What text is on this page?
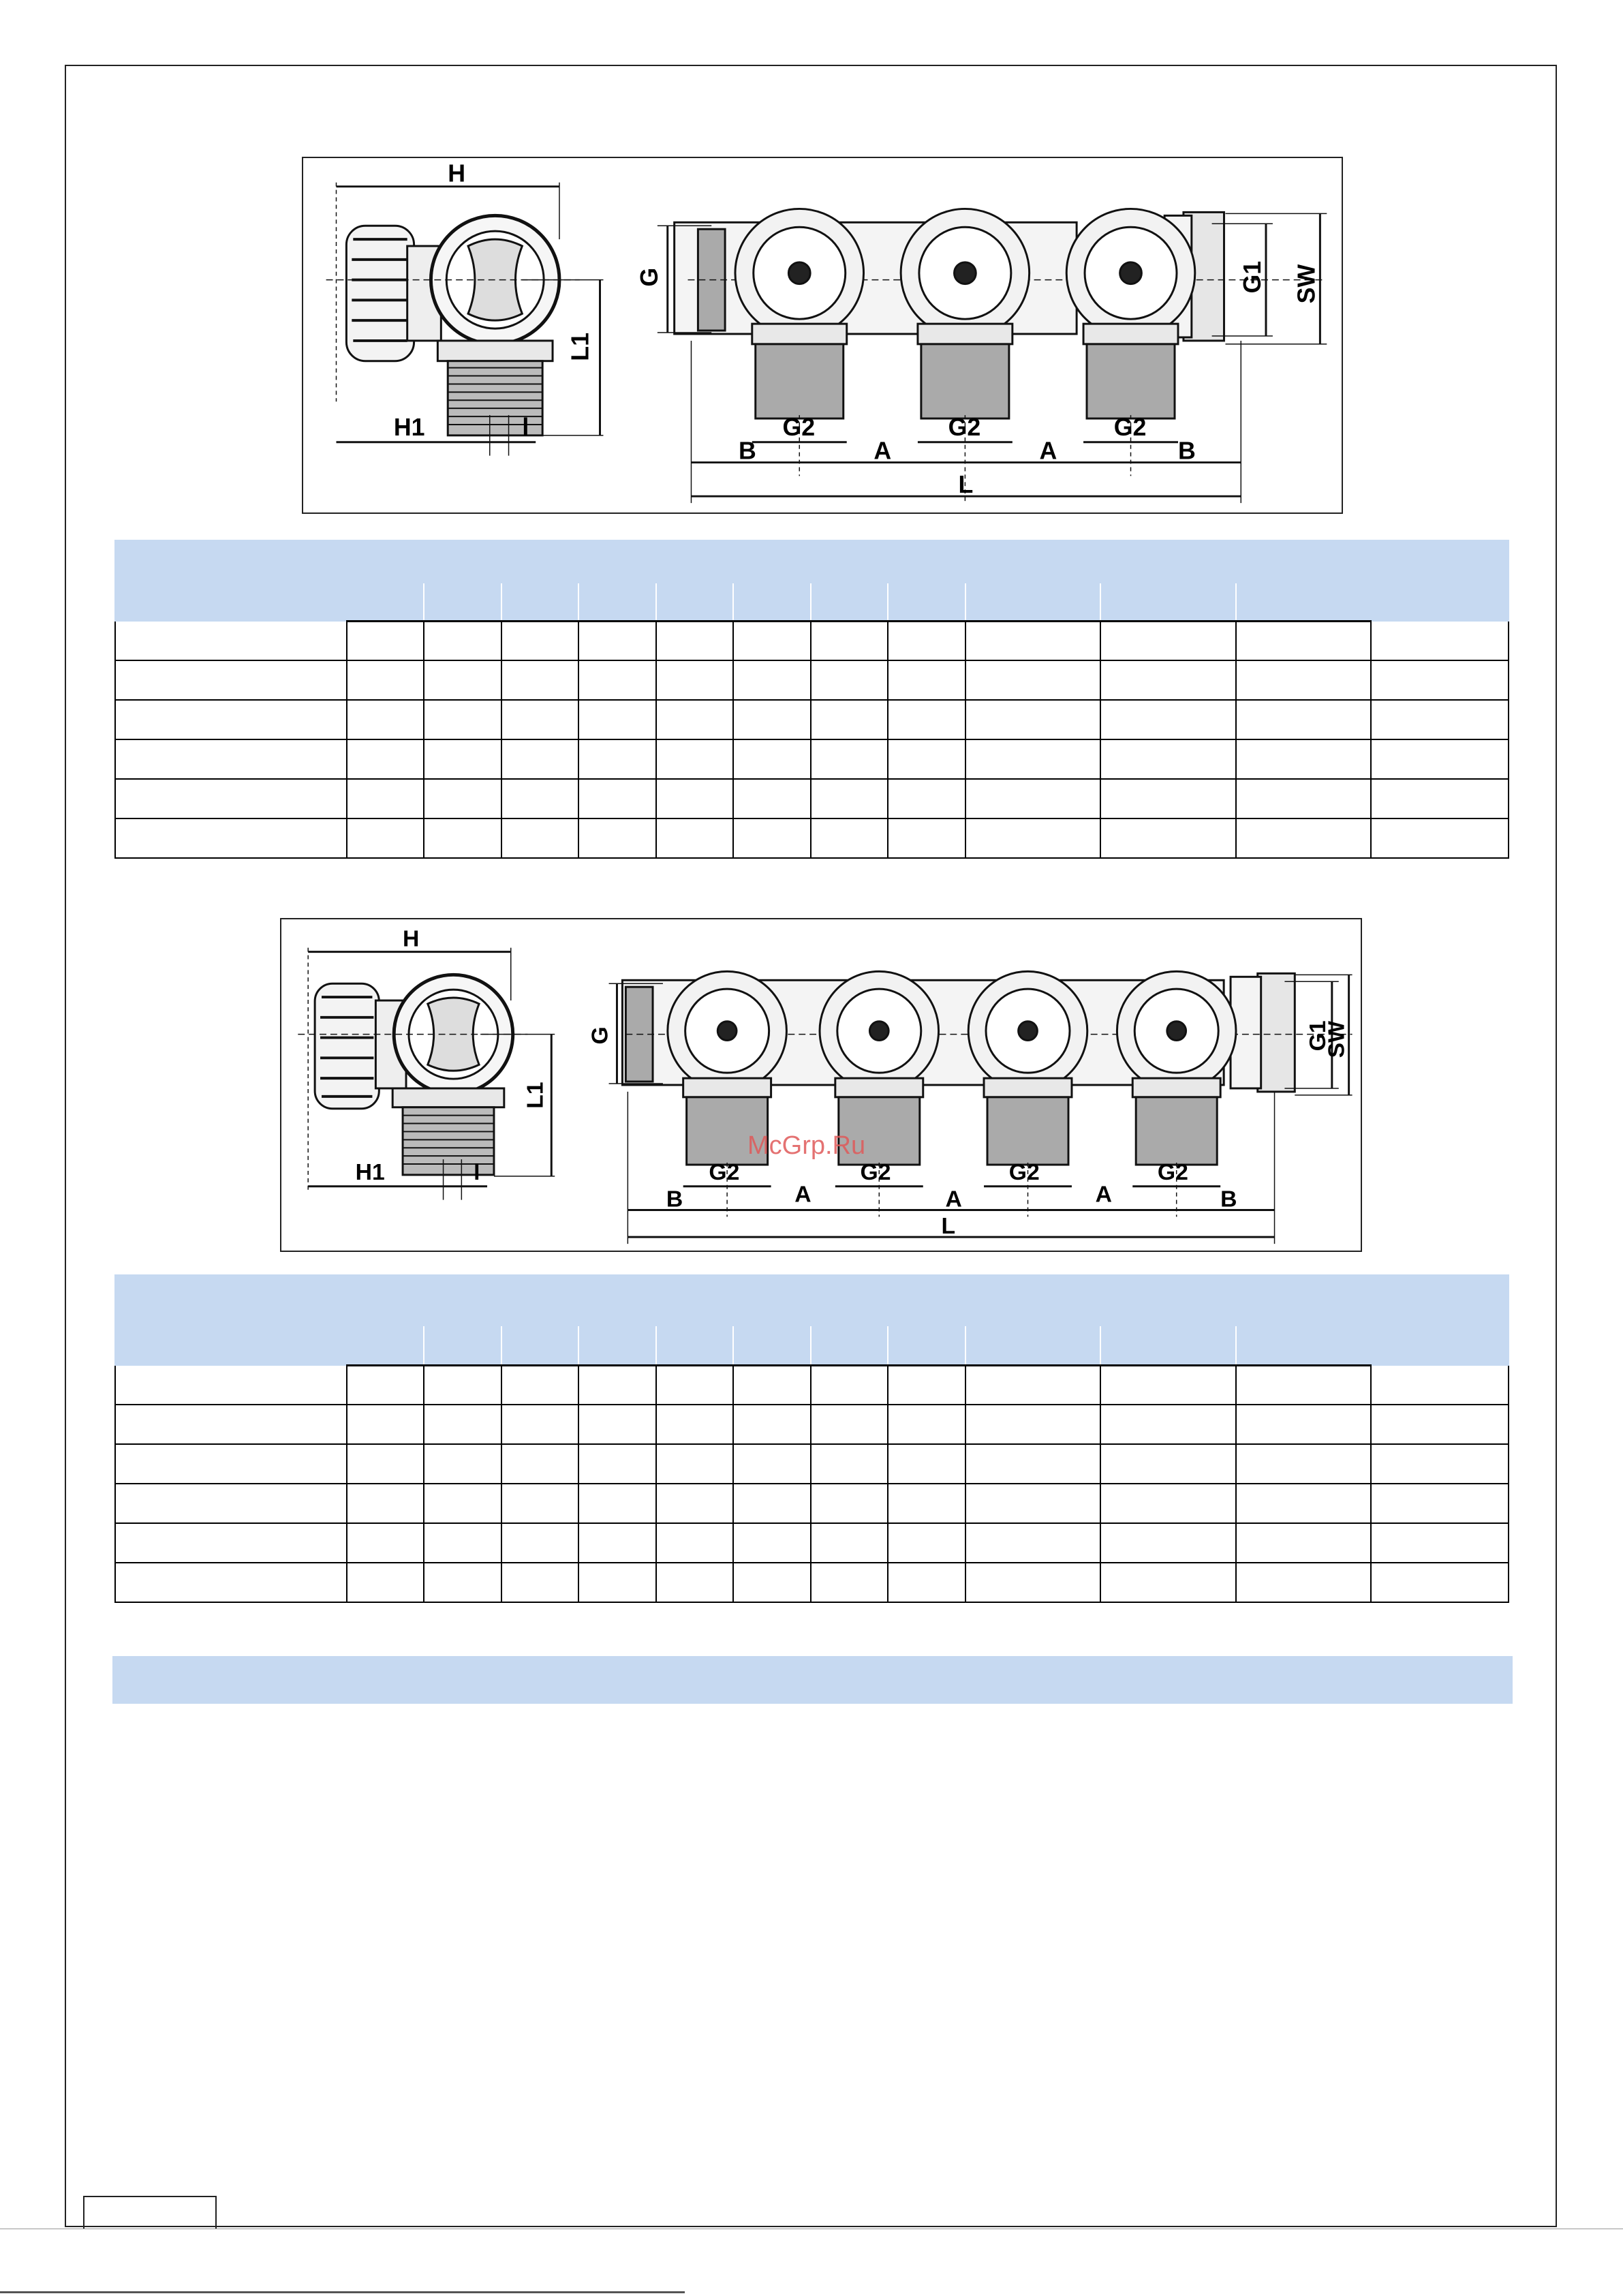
H
H1	l
L1
G	G1 SW
G2	G2	G2
B	A	A	B
L

H
H1	l
L1
G	G1
SW
G2	G2	G2	G2
B	A	A	A	B
L
McGrp.Ru
